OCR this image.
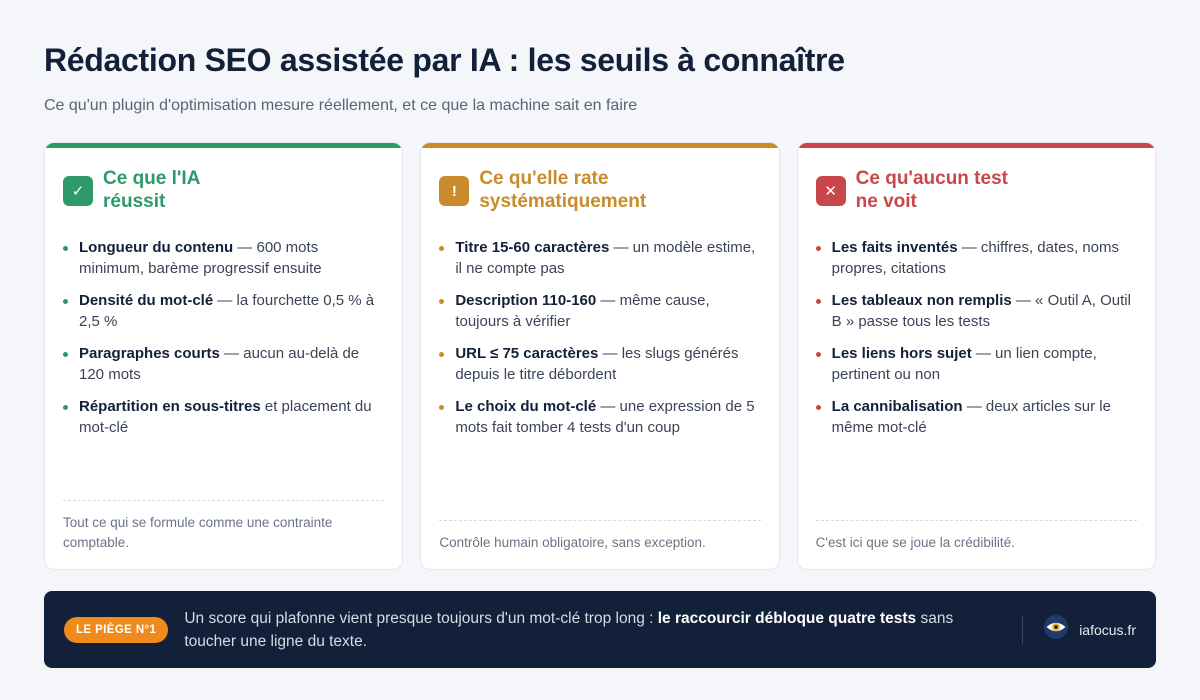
Rédaction SEO assistée par IA : les seuils à connaître

Ce qu'un plugin d'optimisation mesure réellement, et ce que la machine sait en faire

✓
Ce que l'IA
réussit
Longueur du contenu — 600 mots minimum, barème progressif ensuite
Densité du mot-clé — la fourchette 0,5 % à 2,5 %
Paragraphes courts — aucun au-delà de 120 mots
Répartition en sous-titres et placement du mot-clé
Tout ce qui se formule comme une contrainte comptable.
!
Ce qu'elle rate
systématiquement
Titre 15-60 caractères — un modèle estime, il ne compte pas
Description 110-160 — même cause, toujours à vérifier
URL ≤ 75 caractères — les slugs générés depuis le titre débordent
Le choix du mot-clé — une expression de 5 mots fait tomber 4 tests d'un coup
Contrôle humain obligatoire, sans exception.
✕
Ce qu'aucun test
ne voit
Les faits inventés — chiffres, dates, noms propres, citations
Les tableaux non remplis — « Outil A, Outil B » passe tous les tests
Les liens hors sujet — un lien compte, pertinent ou non
La cannibalisation — deux articles sur le même mot-clé
C'est ici que se joue la crédibilité.
LE PIÈGE N°1

Un score qui plafonne vient presque toujours d'un mot-clé trop long : le raccourcir débloque quatre tests sans toucher une ligne du texte.

iafocus.fr
